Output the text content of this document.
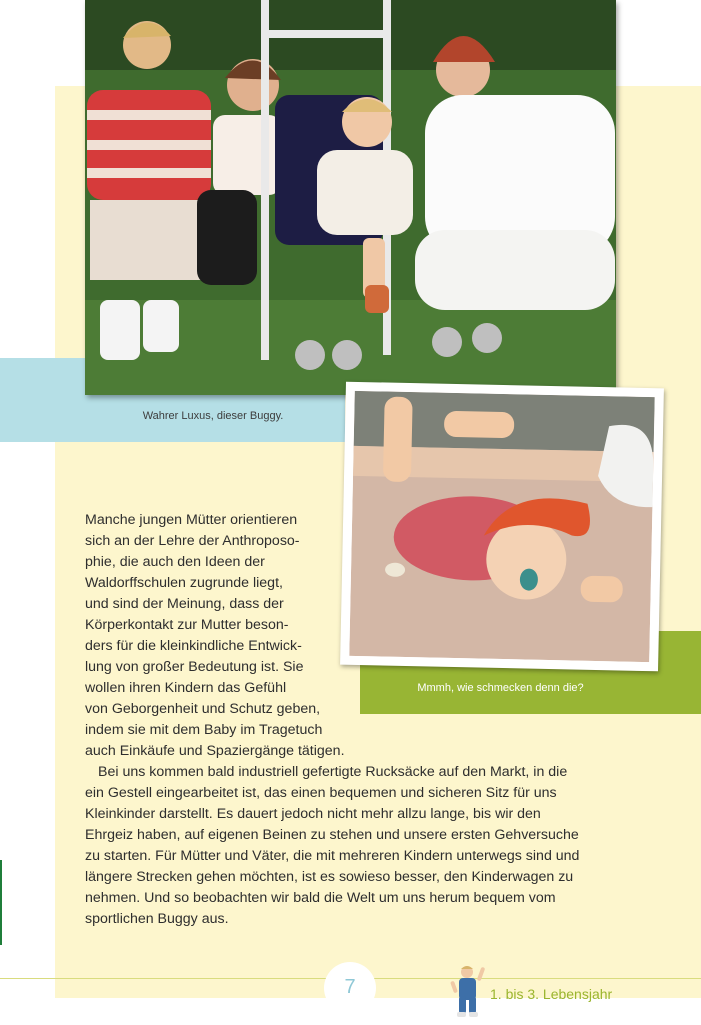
Wahrer Luxus, dieser Buggy.
Mmmh, wie schmecken denn die?
Manche jungen Mütter orientieren
sich an der Lehre der Anthroposo-
phie, die auch den Ideen der
Waldorffschulen zugrunde liegt,
und sind der Meinung, dass der
Körperkontakt zur Mutter beson-
ders für die kleinkindliche Entwick-
lung von großer Bedeutung ist. Sie
wollen ihren Kindern das Gefühl
von Geborgenheit und Schutz geben,
indem sie mit dem Baby im Tragetuch
auch Einkäufe und Spaziergänge tätigen.
Bei uns kommen bald industriell gefertigte Rucksäcke auf den Markt, in die
ein Gestell eingearbeitet ist, das einen bequemen und sicheren Sitz für uns
Kleinkinder darstellt. Es dauert jedoch nicht mehr allzu lange, bis wir den
Ehrgeiz haben, auf eigenen Beinen zu stehen und unsere ersten Gehversuche
zu starten. Für Mütter und Väter, die mit mehreren Kindern unterwegs sind und
längere Strecken gehen möchten, ist es sowieso besser, den Kinderwagen zu
nehmen. Und so beobachten wir bald die Welt um uns herum bequem vom
sportlichen Buggy aus.
7	1. bis 3. Lebensjahr
